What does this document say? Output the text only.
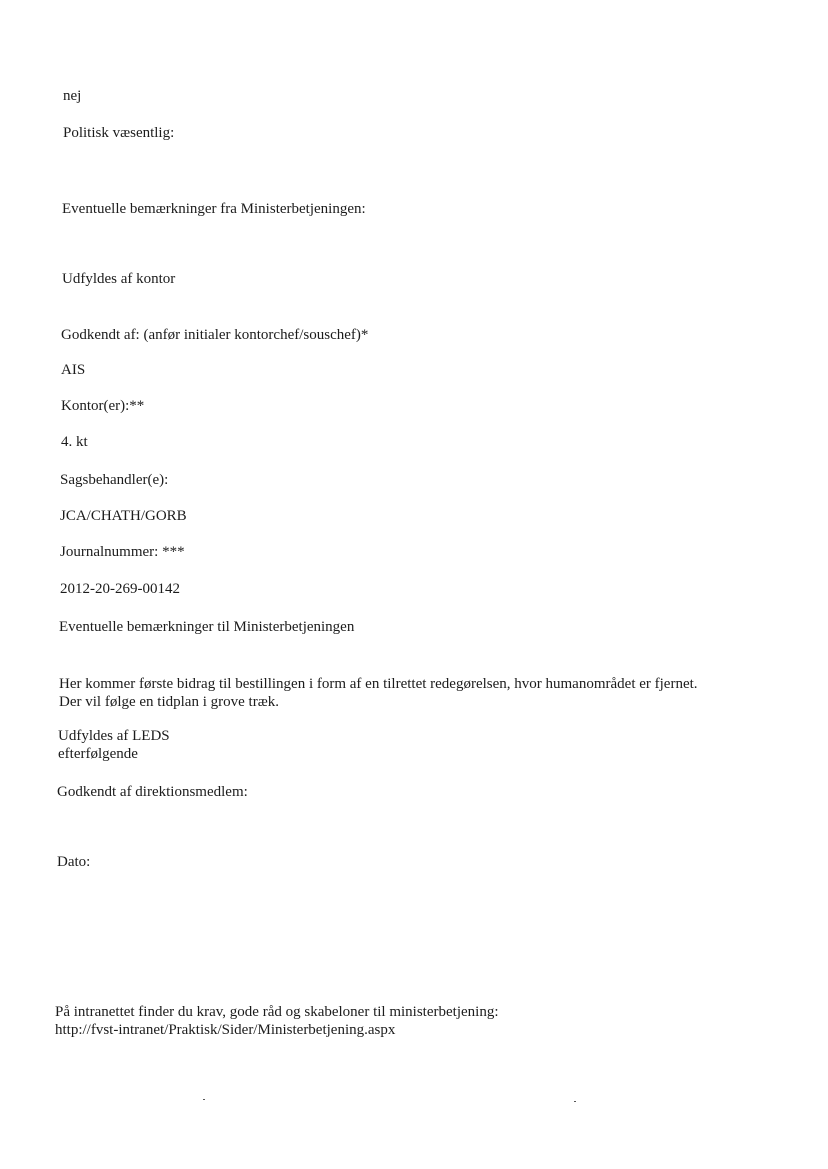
nej
Politisk væsentlig:
Eventuelle bemærkninger fra Ministerbetjeningen:
Udfyldes af kontor
Godkendt af: (anfør initialer kontorchef/souschef)*
AIS
Kontor(er):**
4. kt
Sagsbehandler(e):
JCA/CHATH/GORB
Journalnummer: ***
2012-20-269-00142
Eventuelle bemærkninger til Ministerbetjeningen
Her kommer første bidrag til bestillingen i form af en tilrettet redegørelsen, hvor humanområdet er fjernet.
Der vil følge en tidplan i grove træk.
Udfyldes af LEDS
efterfølgende
Godkendt af direktionsmedlem:
Dato:
På intranettet finder du krav, gode råd og skabeloner til ministerbetjening:
http://fvst-intranet/Praktisk/Sider/Ministerbetjening.aspx
